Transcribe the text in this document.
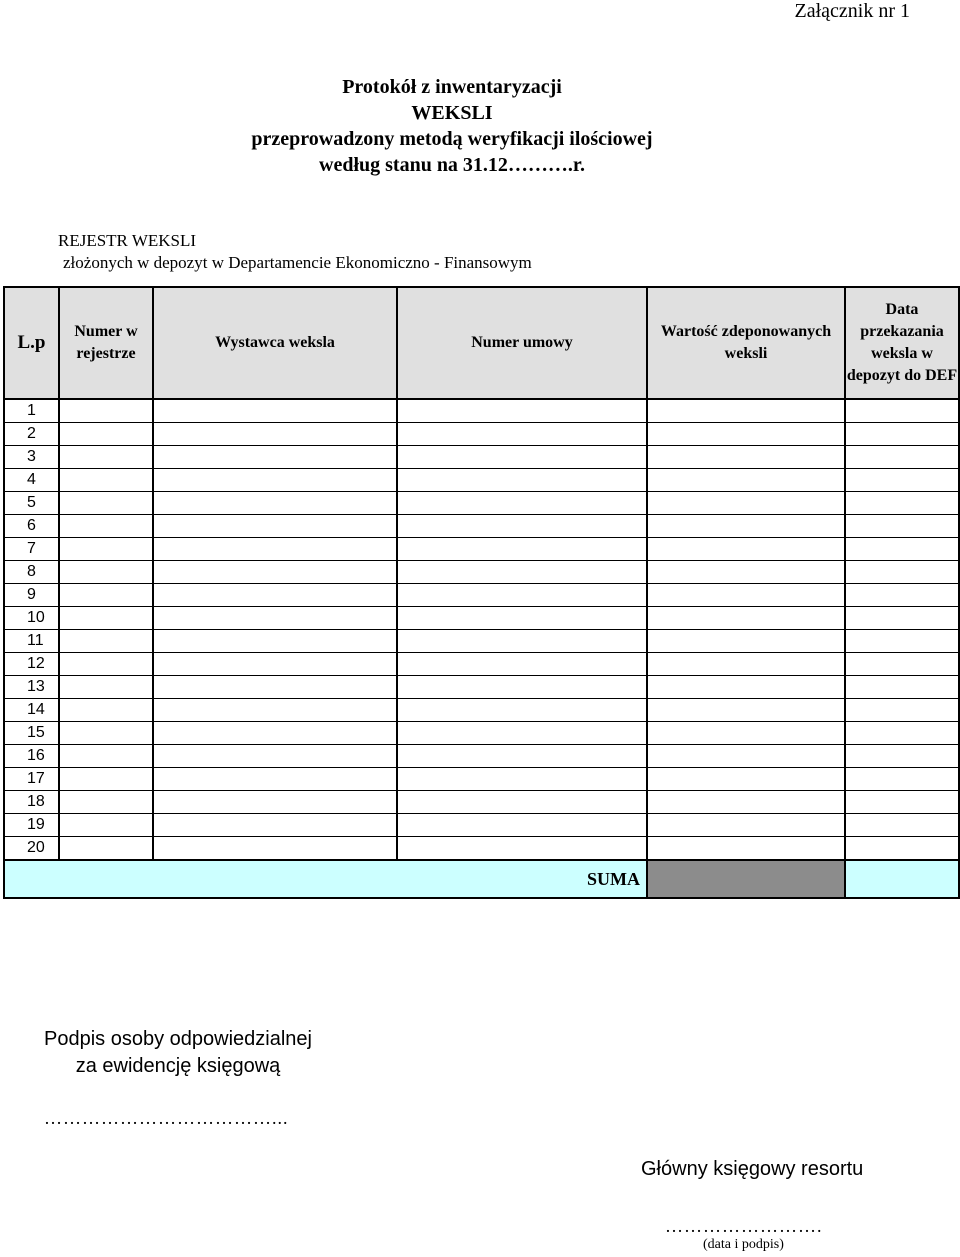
Załącznik nr 1
Protokół z inwentaryzacji
WEKSLI
przeprowadzony metodą weryfikacji ilościowej
według stanu na 31.12……….r.
REJESTR WEKSLI
złożonych w depozyt w Departamencie Ekonomiczno - Finansowym
L.p	Numer w rejestrze	Wystawca weksla	Numer umowy	Wartość zdeponowanych weksli	Data przekazania weksla w depozyt do DEF
1					
2					
3					
4					
5					
6					
7					
8					
9					
10					
11					
12					
13					
14					
15					
16					
17					
18					
19					
20					
SUMA					
Podpis osoby odpowiedzialnej
za ewidencję księgową
………………………………...
Główny księgowy resortu
…………………….
(data i podpis)
